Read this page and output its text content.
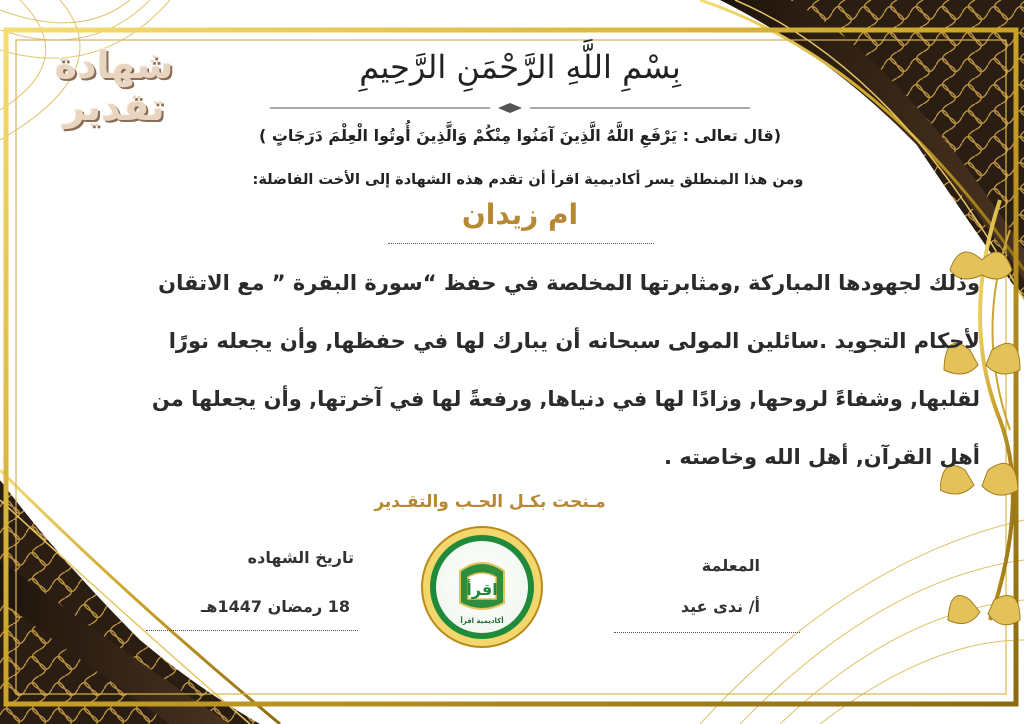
شهادة تقدير
بِسْمِ اللَّهِ الرَّحْمَنِ الرَّحِيمِ
(قال تعالى : يَرْفَعِ اللَّهُ الَّذِينَ آمَنُوا مِنْكُمْ وَالَّذِينَ أُوتُوا الْعِلْمَ دَرَجَاتٍ )
ومن هذا المنطلق يسر أكاديمية اقرأ أن تقدم هذه الشهادة إلى الأخت الفاضلة:
ام زيدان
وذلك لجهودها المباركة ,ومثابرتها المخلصة في حفظ “سورة البقرة ” مع الاتقان
لأحكام التجويد .سائلين المولى سبحانه أن يبارك لها في حفظها, وأن يجعله نورًا
لقلبها, وشفاءً لروحها, وزادًا لها في دنياها, ورفعةً لها في آخرتها, وأن يجعلها من
أهل القرآن, أهل الله وخاصته .
مـنحت بكـل الحـب والتقـدير
تاريخ الشهاده
18 رمضان 1447هـ
المعلمة
أ/ ندى عيد
اقرأ
أكاديمية اقرأ
